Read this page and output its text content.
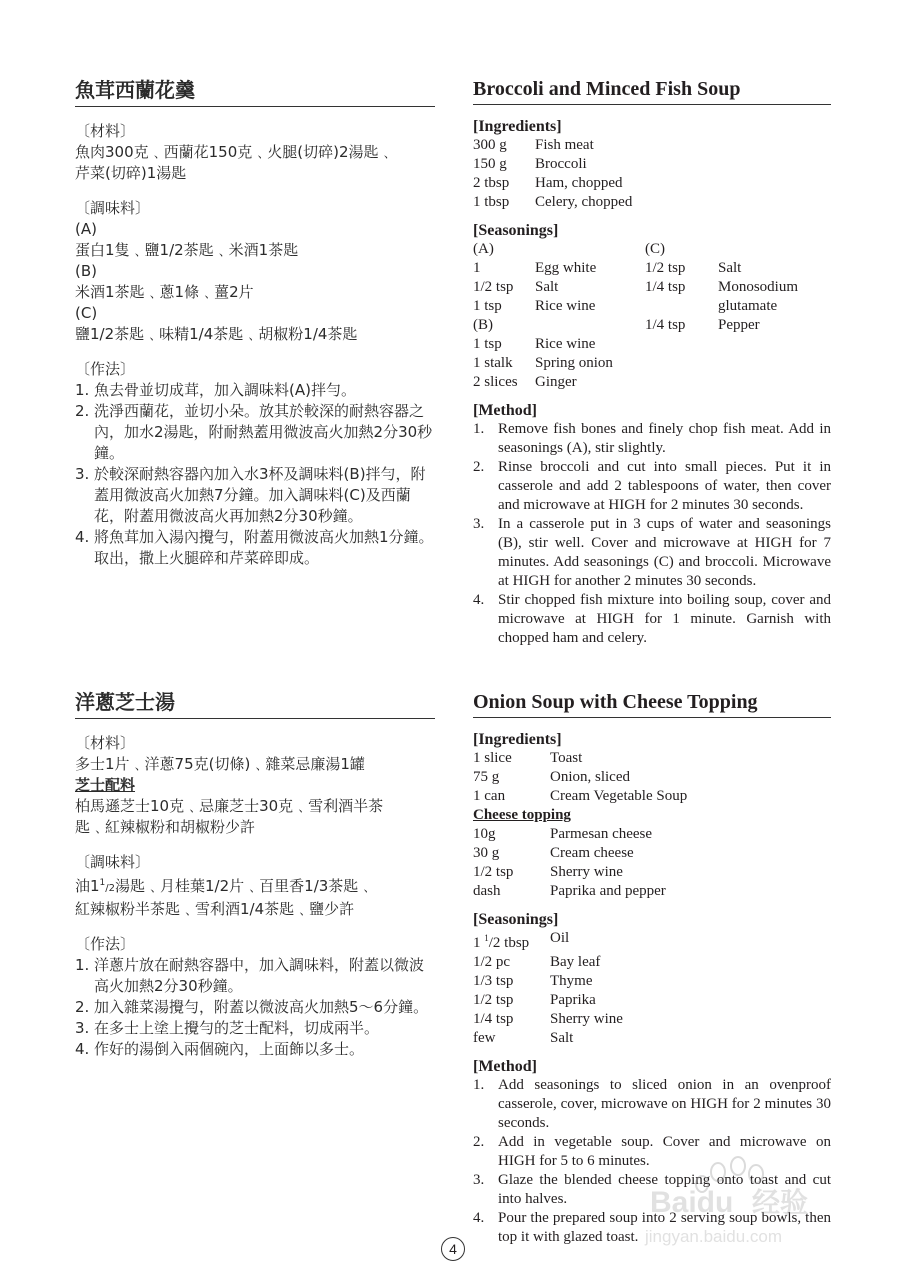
魚茸西蘭花羹
〔材料〕
魚肉300克﹑西蘭花150克﹑火腿(切碎)2湯匙﹑
芹菜(切碎)1湯匙
〔調味料〕
(A)
蛋白1隻﹑鹽1/2茶匙﹑米酒1茶匙
(B)
米酒1茶匙﹑蔥1條﹑薑2片
(C)
鹽1/2茶匙﹑味精1/4茶匙﹑胡椒粉1/4茶匙
〔作法〕
1. 魚去骨並切成茸，加入調味料(A)拌勻。
2. 洗淨西蘭花，並切小朵。放其於較深的耐熱容器之內，加水2湯匙，附耐熱蓋用微波高火加熱2分30秒鐘。
3. 於較深耐熱容器內加入水3杯及調味料(B)拌勻，附蓋用微波高火加熱7分鐘。加入調味料(C)及西蘭花，附蓋用微波高火再加熱2分30秒鐘。
4. 將魚茸加入湯內攪勻，附蓋用微波高火加熱1分鐘。取出，撒上火腿碎和芹菜碎即成。
Broccoli and Minced Fish Soup
[Ingredients]
300 g	Fish meat
150 g	Broccoli
2 tbsp	Ham, chopped
1 tbsp	Celery, chopped
[Seasonings]
(A)
1	Egg white
1/2 tsp	Salt
1 tsp	Rice wine
(B)
1 tsp	Rice wine
1 stalk	Spring onion
2 slices	Ginger
(C)
1/2 tsp	Salt
1/4 tsp	Monosodium glutamate
1/4 tsp	Pepper
[Method]
1. Remove fish bones and finely chop fish meat. Add in seasonings (A), stir slightly.
2. Rinse broccoli and cut into small pieces. Put it in casserole and add 2 tablespoons of water, then cover and microwave at HIGH for 2 minutes 30 seconds.
3. In a casserole put in 3 cups of water and seasonings (B), stir well. Cover and microwave at HIGH for 7 minutes. Add seasonings (C) and broccoli. Microwave at HIGH for another 2 minutes 30 seconds.
4. Stir chopped fish mixture into boiling soup, cover and microwave at HIGH for 1 minute. Garnish with chopped ham and celery.
洋蔥芝士湯
〔材料〕
多士1片﹑洋蔥75克(切條)﹑雜菜忌廉湯1罐
芝士配料
柏馬遜芝士10克﹑忌廉芝士30克﹑雪利酒半茶
匙﹑紅辣椒粉和胡椒粉少許
〔調味料〕
油$1^1/2$湯匙﹑月桂葉1/2片﹑百里香1/3茶匙﹑
紅辣椒粉半茶匙﹑雪利酒1/4茶匙﹑鹽少許
〔作法〕
1. 洋蔥片放在耐熱容器中，加入調味料，附蓋以微波高火加熱2分30秒鐘。
2. 加入雜菜湯攪勻，附蓋以微波高火加熱5～6分鐘。
3. 在多士上塗上攪勻的芝士配料，切成兩半。
4. 作好的湯倒入兩個碗內，上面飾以多士。
Onion Soup with Cheese Topping
[Ingredients]
1 slice	Toast
75 g	Onion, sliced
1 can	Cream Vegetable Soup
Cheese topping
10g	Parmesan cheese
30 g	Cream cheese
1/2 tsp	Sherry wine
dash	Paprika and pepper
[Seasonings]
1 $^1$/2 tbsp	Oil
1/2 pc	Bay leaf
1/3 tsp	Thyme
1/2 tsp	Paprika
1/4 tsp	Sherry wine
few	Salt
[Method]
1. Add seasonings to sliced onion in an ovenproof casserole, cover, microwave on HIGH for 2 minutes 30 seconds.
2. Add in vegetable soup. Cover and microwave on HIGH for 5 to 6 minutes.
3. Glaze the blended cheese topping onto toast and cut into halves.
4. Pour the prepared soup into 2 serving soup bowls, then top it with glazed toast.
4
Baidu 经验
jingyan.baidu.com
